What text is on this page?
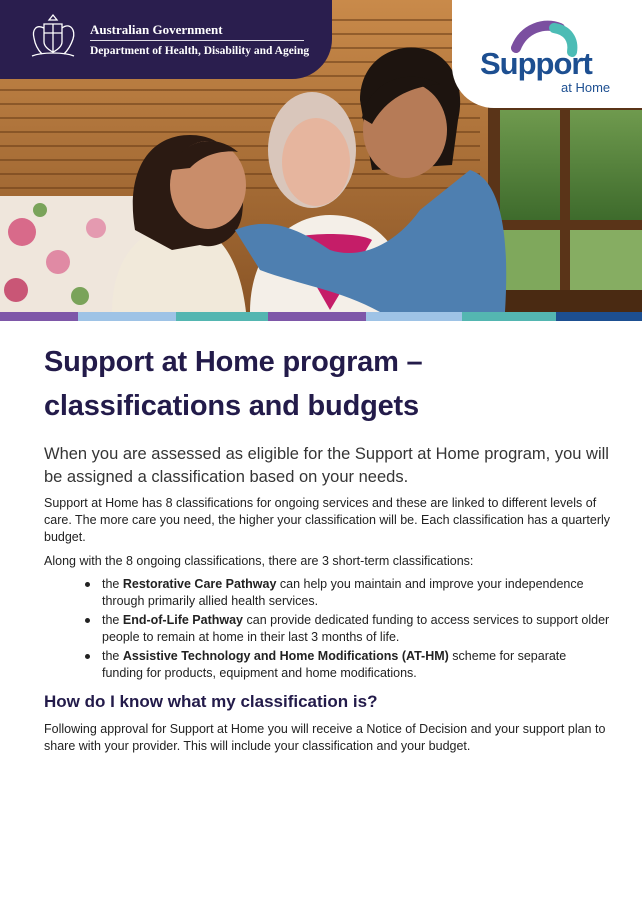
Australian Government
Department of Health, Disability and Ageing	Support
at Home
Support at Home program – classifications and budgets

When you are assessed as eligible for the Support at Home program, you will be assigned a classification based on your needs.

Support at Home has 8 classifications for ongoing services and these are linked to different levels of care. The more care you need, the higher your classification will be. Each classification has a quarterly budget.

Along with the 8 ongoing classifications, there are 3 short-term classifications:

the Restorative Care Pathway can help you maintain and improve your independence through primarily allied health services.
the End-of-Life Pathway can provide dedicated funding to access services to support older people to remain at home in their last 3 months of life.
the Assistive Technology and Home Modifications (AT-HM) scheme for separate funding for products, equipment and home modifications.
How do I know what my classification is?

Following approval for Support at Home you will receive a Notice of Decision and your support plan to share with your provider. This will include your classification and your budget.
